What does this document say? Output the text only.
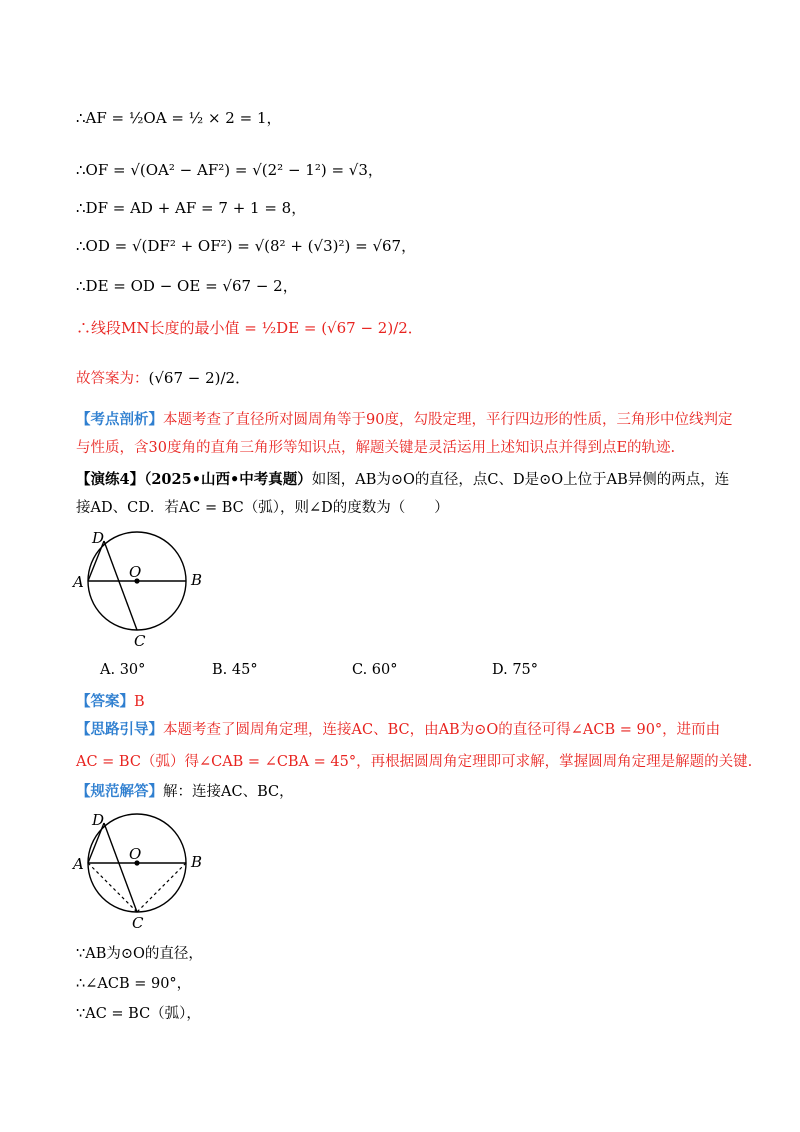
∴AF = ½OA = ½ × 2 = 1，
∴OF = √(OA² − AF²) = √(2² − 1²) = √3，
∴DF = AD + AF = 7 + 1 = 8，
∴OD = √(DF² + OF²) = √(8² + (√3)²) = √67，
∴DE = OD − OE = √67 − 2，
∴线段MN长度的最小值 = ½DE = (√67 − 2)/2．
故答案为：(√67 − 2)/2．
【考点剖析】本题考查了直径所对圆周角等于90度，勾股定理，平行四边形的性质，三角形中位线判定与性质，含30度角的直角三角形等知识点，解题关键是灵活运用上述知识点并得到点E的轨迹.
【演练4】（2025•山西•中考真题）如图，AB为⊙O的直径，点C、D是⊙O上位于AB异侧的两点，连接AD、CD．若AC = BC（弧），则∠D的度数为（　　）
A	B
C
D
O
A. 30°	B. 45°	C. 60°	D. 75°
【答案】B
【思路引导】本题考查了圆周角定理，连接AC、BC，由AB为⊙O的直径可得∠ACB = 90°，进而由
AC = BC（弧）得∠CAB = ∠CBA = 45°，再根据圆周角定理即可求解，掌握圆周角定理是解题的关键.
【规范解答】解：连接AC、BC，
A	B
C
D
O
∵AB为⊙O的直径，
∴∠ACB = 90°，
∵AC = BC（弧），
